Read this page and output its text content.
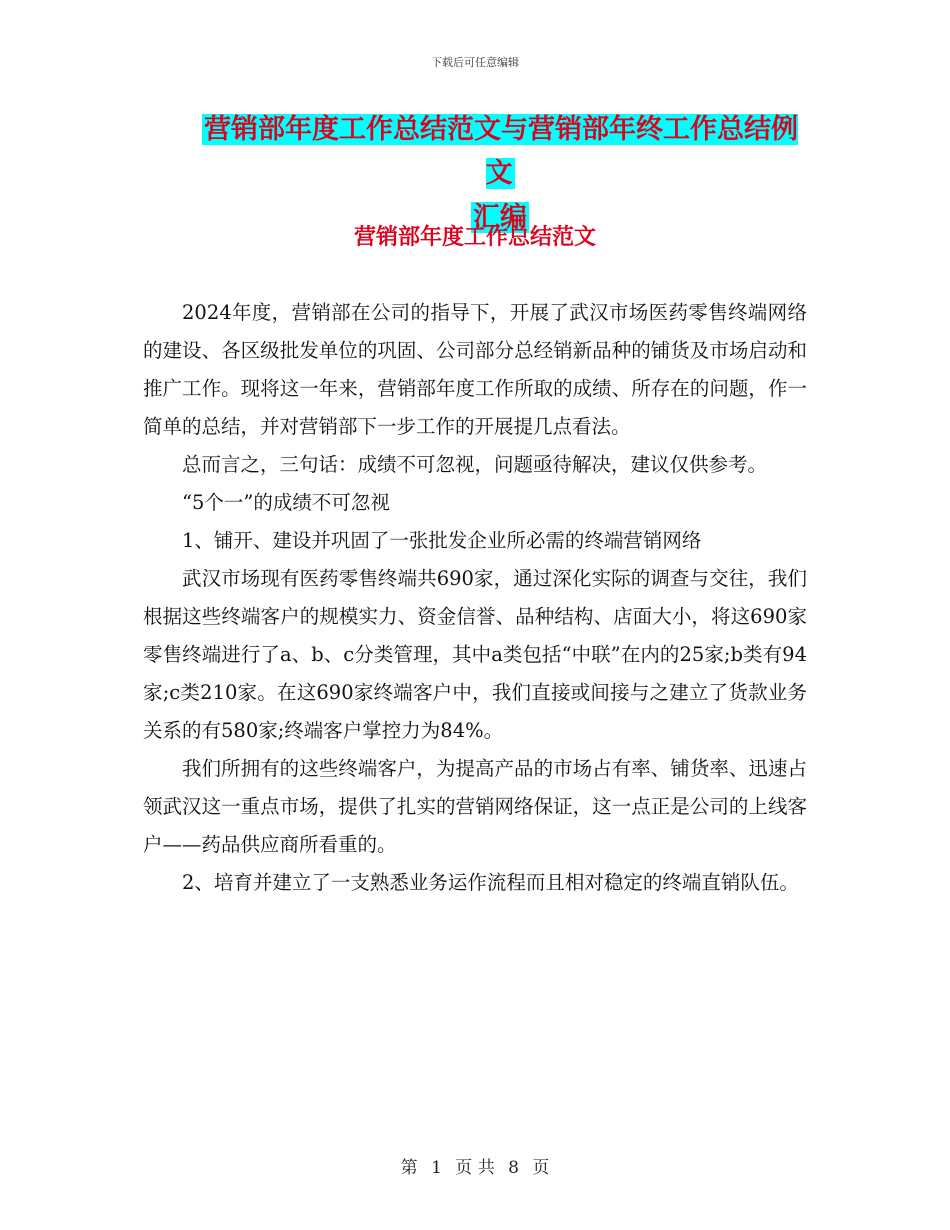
下载后可任意编辑
营销部年度工作总结范文与营销部年终工作总结例文
汇编
营销部年度工作总结范文

2024年度，营销部在公司的指导下，开展了武汉市场医药零售终端网络的建设、各区级批发单位的巩固、公司部分总经销新品种的铺货及市场启动和推广工作。现将这一年来，营销部年度工作所取的成绩、所存在的问题，作一简单的总结，并对营销部下一步工作的开展提几点看法。

总而言之，三句话：成绩不可忽视，问题亟待解决，建议仅供参考。

“5个一”的成绩不可忽视

1、铺开、建设并巩固了一张批发企业所必需的终端营销网络

武汉市场现有医药零售终端共690家，通过深化实际的调查与交往，我们根据这些终端客户的规模实力、资金信誉、品种结构、店面大小，将这690家零售终端进行了a、b、c分类管理，其中a类包括“中联”在内的25家;b类有94家;c类210家。在这690家终端客户中，我们直接或间接与之建立了货款业务关系的有580家;终端客户掌控力为84%。

我们所拥有的这些终端客户，为提高产品的市场占有率、铺货率、迅速占领武汉这一重点市场，提供了扎实的营销网络保证，这一点正是公司的上线客户——药品供应商所看重的。

2、培育并建立了一支熟悉业务运作流程而且相对稳定的终端直销队伍。

第 1 页 共 8 页
